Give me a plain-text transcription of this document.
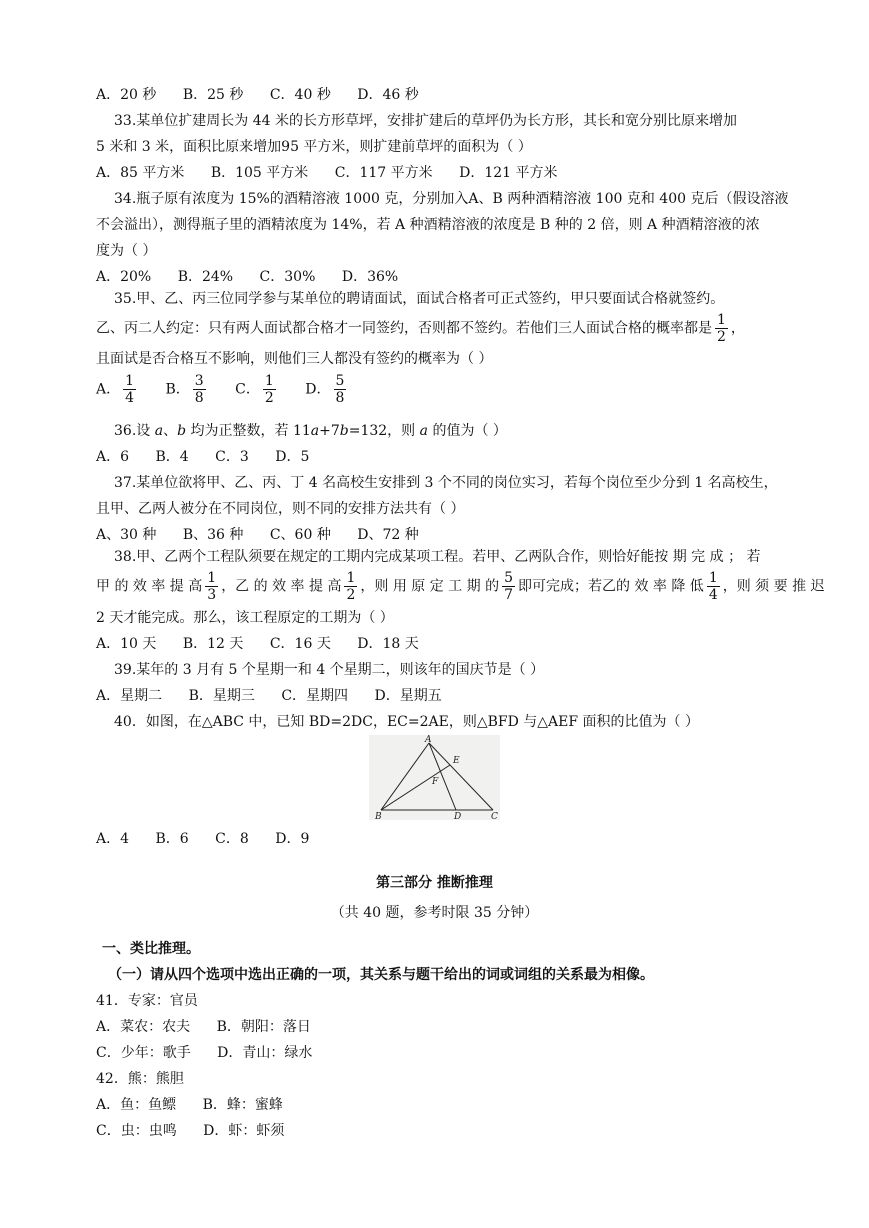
A．20 秒 B．25 秒 C．40 秒 D．46 秒
33.某单位扩建周长为 44 米的长方形草坪，安排扩建后的草坪仍为长方形，其长和宽分别比原来增加
5 米和 3 米，面积比原来增加95 平方米，则扩建前草坪的面积为（ ）
A．85 平方米 B．105 平方米 C．117 平方米 D．121 平方米
34.瓶子原有浓度为 15%的酒精溶液 1000 克，分别加入A、B 两种酒精溶液 100 克和 400 克后（假设溶液
不会溢出），测得瓶子里的酒精浓度为 14%，若 A 种酒精溶液的浓度是 B 种的 2 倍，则 A 种酒精溶液的浓
度为（ ）
A．20% B．24% C．30% D．36%
35.甲、乙、丙三位同学参与某单位的聘请面试，面试合格者可正式签约，甲只要面试合格就签约。
乙、丙二人约定：只有两人面试都合格才一同签约，否则都不签约。若他们三人面试合格的概率都是 $\frac{1}{2}$ ，
且面试是否合格互不影响，则他们三人都没有签约的概率为（ ）
A． $\frac{1}{4}$ B． $\frac{3}{8}$ C． $\frac{1}{2}$ D． $\frac{5}{8}$
36.设 a、b 均为正整数，若 11a+7b=132，则 a 的值为（ ）
A．6 B．4 C．3 D．5
37.某单位欲将甲、乙、丙、丁 4 名高校生安排到 3 个不同的岗位实习，若每个岗位至少分到 1 名高校生，
且甲、乙两人被分在不同岗位，则不同的安排方法共有（ ）
A、30 种 B、36 种 C、60 种 D、72 种
38.甲、乙两个工程队须要在规定的工期内完成某项工程。若甲、乙两队合作，则恰好能按 期 完 成 ； 若
甲 的 效 率 提 高 $\frac{1}{3}$ ，乙 的 效 率 提 高 $\frac{1}{2}$ ，则 用 原 定 工 期 的 $\frac{5}{7}$ 即可完成；若乙的 效 率 降 低 $\frac{1}{4}$ ，则 须 要 推 迟
2 天才能完成。那么，该工程原定的工期为（ ）
A．10 天 B．12 天 C．16 天 D．18 天
39.某年的 3 月有 5 个星期一和 4 个星期二，则该年的国庆节是（ ）
A．星期二 B．星期三 C．星期四 D．星期五
40．如图，在△ABC 中，已知 BD=2DC，EC=2AE，则△BFD 与△AEF 面积的比值为（ ）
A
B	C
D
E
F
A．4 B．6 C．8 D．9
第三部分 推断推理
（共 40 题，参考时限 35 分钟）
一、类比推理。
（一）请从四个选项中选出正确的一项，其关系与题干给出的词或词组的关系最为相像。
41．专家：官员
A．菜农：农夫 B．朝阳：落日
C．少年：歌手 D．青山：绿水
42．熊：熊胆
A．鱼：鱼鳔 B．蜂：蜜蜂
C．虫：虫鸣 D．虾：虾须
